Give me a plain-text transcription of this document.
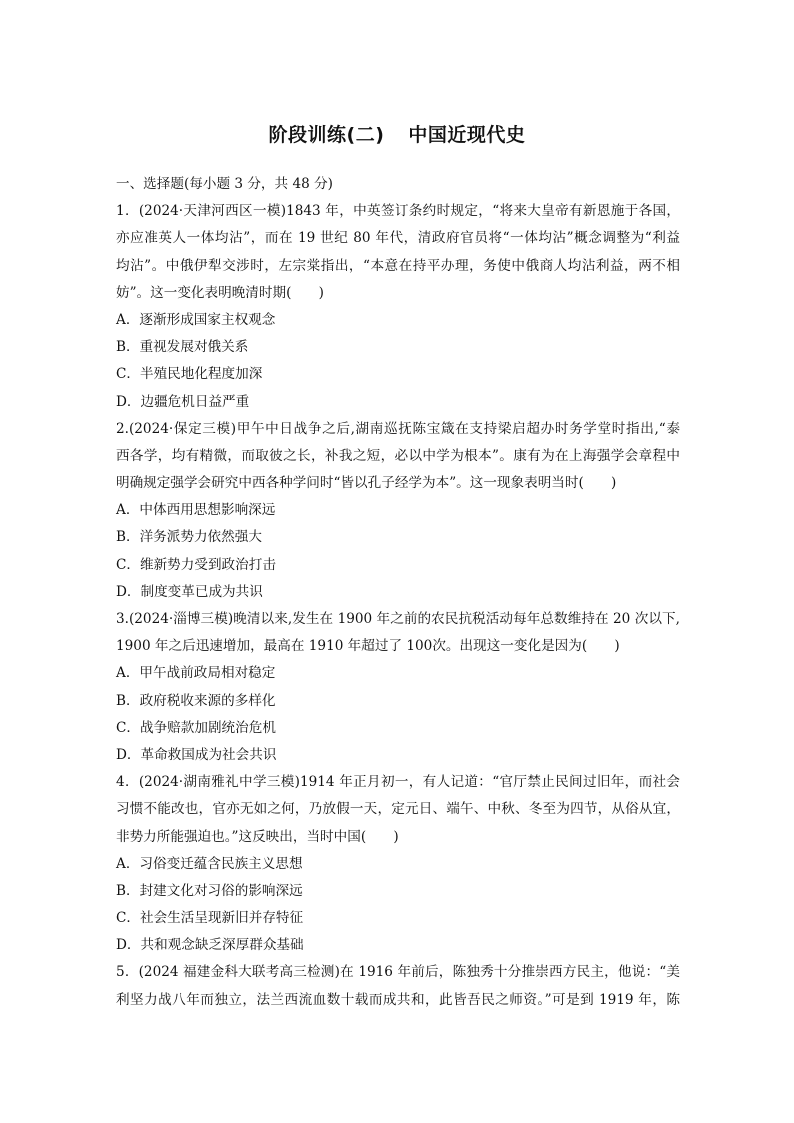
阶段训练(二) 中国近现代史
一、选择题(每小题 3 分，共 48 分)
1．(2024·天津河西区一模)1843 年，中英签订条约时规定，“将来大皇帝有新恩施于各国，
亦应准英人一体均沾”，而在 19 世纪 80 年代，清政府官员将“一体均沾”概念调整为“利益
均沾”。中俄伊犁交涉时，左宗棠指出，“本意在持平办理，务使中俄商人均沾利益，两不相
妨”。这一变化表明晚清时期(　　)
A．逐渐形成国家主权观念
B．重视发展对俄关系
C．半殖民地化程度加深
D．边疆危机日益严重
2.(2024·保定三模)甲午中日战争之后,湖南巡抚陈宝箴在支持梁启超办时务学堂时指出,“泰
西各学，均有精微，而取彼之长，补我之短，必以中学为根本”。康有为在上海强学会章程中
明确规定强学会研究中西各种学问时“皆以孔子经学为本”。这一现象表明当时(　　)
A．中体西用思想影响深远
B．洋务派势力依然强大
C．维新势力受到政治打击
D．制度变革已成为共识
3.(2024·淄博三模)晚清以来,发生在 1900 年之前的农民抗税活动每年总数维持在 20 次以下,
1900 年之后迅速增加，最高在 1910 年超过了 100次。出现这一变化是因为(　　)
A．甲午战前政局相对稳定
B．政府税收来源的多样化
C．战争赔款加剧统治危机
D．革命救国成为社会共识
4．(2024·湖南雅礼中学三模)1914 年正月初一，有人记道：“官厅禁止民间过旧年，而社会
习惯不能改也，官亦无如之何，乃放假一天，定元日、端午、中秋、冬至为四节，从俗从宜，
非势力所能强迫也。”这反映出，当时中国(　　)
A．习俗变迁蕴含民族主义思想
B．封建文化对习俗的影响深远
C．社会生活呈现新旧并存特征
D．共和观念缺乏深厚群众基础
5．(2024 福建金科大联考高三检测)在 1916 年前后，陈独秀十分推崇西方民主，他说：“美
利坚力战八年而独立，法兰西流血数十载而成共和，此皆吾民之师资。”可是到 1919 年，陈
